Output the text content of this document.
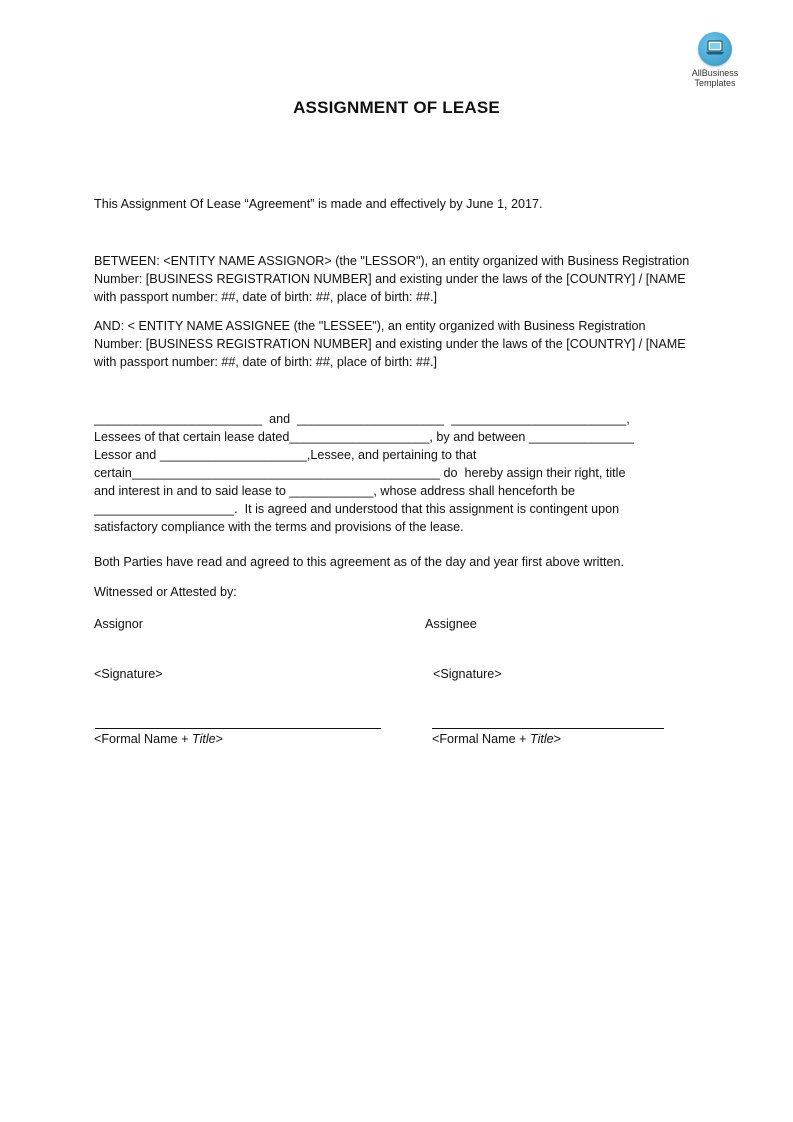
AllBusiness
Templates
ASSIGNMENT OF LEASE
This Assignment Of Lease “Agreement” is made and effectively by June 1, 2017.
BETWEEN: <ENTITY NAME ASSIGNOR> (the "LESSOR"), an entity organized with Business Registration
Number: [BUSINESS REGISTRATION NUMBER] and existing under the laws of the [COUNTRY] / [NAME
with passport number: ##, date of birth: ##, place of birth: ##.]
AND: < ENTITY NAME ASSIGNEE (the "LESSEE"), an entity organized with Business Registration
Number: [BUSINESS REGISTRATION NUMBER] and existing under the laws of the [COUNTRY] / [NAME
with passport number: ##, date of birth: ##, place of birth: ##.]
________________________  and  _____________________  _________________________,
Lessees of that certain lease dated____________________, by and between _______________
Lessor and _____________________,Lessee, and pertaining to that
certain____________________________________________ do  hereby assign their right, title
and interest in and to said lease to ____________, whose address shall henceforth be
____________________.  It is agreed and understood that this assignment is contingent upon
satisfactory compliance with the terms and provisions of the lease.
Both Parties have read and agreed to this agreement as of the day and year first above written.
Witnessed or Attested by:
Assignor	Assignee
<Signature>	<Signature>
<Formal Name + Title>	<Formal Name + Title>
